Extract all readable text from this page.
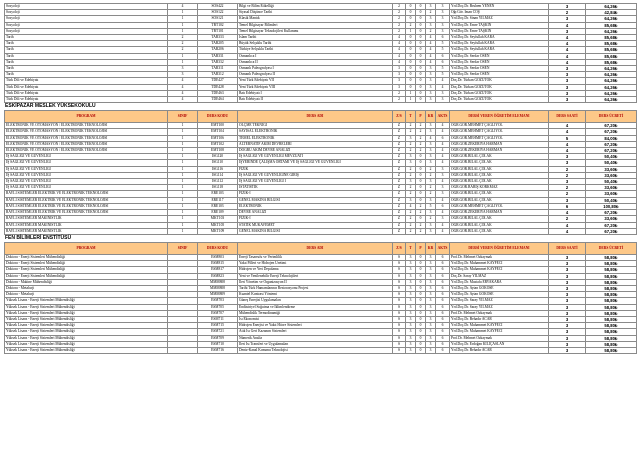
Sosyoloji	4	SOS422	Bilgi ve Bilim Etikelliği	2	0	0	3	3	Yrd.Doç.Dr. Bruhem YENEN	3	64,26₺
Sosyoloji	1	SOS122	Siyasal Düşünce Tarihi	2	0	0	2	3	Öğr.Gör. İman COŞ	2	42,84₺
Sosyoloji	1	SOS121	Klasik Mantık	2	0	0	3	3	Yrd.Doç.Dr. Sinan YILMAZ	3	64,26₺
Sosyoloji	1	TBT102	Temel Bilgisayar Bilimleri	2	2	0	3	3	Yrd.Doç.Dr. Emre TAŞKIN	4	85,68₺
Sosyoloji	1	TBT101	Temel Bilgisayar Teknolojileri Kullanımı	2	1	0	2	3	Yrd.Doç.Dr. Emre TAŞKIN	3	64,26₺
Tarih	2	TAR333	İslam Tarihi	4	0	0	4	6	Yrd.Doç.Dr. Seyfullah KARA	4	85,68₺
Tarih	2	TAR205	Büyük Selçuklu Tarihi	4	0	0	4	5	Yrd.Doç.Dr. Seyfullah KARA	4	85,68₺
Tarih	2	TAR206	Türkiye Selçuklu Tarihi	4	0	0	4	5	Yrd.Doç.Dr. Seyfullah KARA	4	85,68₺
Tarih	1	TAR331	Osmanlıca I	4	0	0	4	6	Yrd.Doç.Dr. Serdar ÖSEN	4	85,68₺
Tarih	1	TAR332	Osmanlıca II	4	0	0	4	6	Yrd.Doç.Dr. Serdar ÖSEN	4	85,68₺
Tarih	3	TAR311	Osmanlı Paleografyası I	3	0	0	3	5	Yrd.Doç.Dr. Serdar ÖSEN	3	64,26₺
Tarih	3	TAR312	Osmanlı Paleografyası II	3	0	0	3	5	Yrd.Doç.Dr. Serdar ÖSEN	3	64,26₺
Türk Dili ve Edebiyatı	4	TDE427	Yeni Türk Edebiyatı VII	3	0	0	3	4	Doç.Dr. Türkan GÖZÜTOK	3	64,26₺
Türk Dili ve Edebiyatı	4	TDE428	Yeni Türk Edebiyatı VIII	3	0	0	3	4	Doç.Dr. Türkan GÖZÜTOK	3	64,26₺
Türk Dili ve Edebiyatı	4	TDE463	Batı Edebiyatı I	2	1	0	3	3	Doç.Dr. Türkan GÖZÜTOK	3	64,26₺
Türk Dili ve Edebiyatı	4	TDE464	Batı Edebiyatı II	2	1	0	3	3	Doç.Dr. Türkan GÖZÜTOK	3	64,26₺
ESKİPAZAR MESLEK YÜKSEKOKULU
PROGRAM	SINIF	DERS KODU	DERS ADI	Z/S	T	P	KR	AKTS	DERSİ VEREN ÖĞRETİM ELEMANI	DERS SAATİ	DERS ÜCRETİ
ELEKTRONİK VE OTOMASYON / ELEKTRONİK TEKNOLOJİSİ	1	EMT100	ÖLÇME TEKNİĞİ	Z	2	2	3	4	ÖĞR.GÖR.MEHMET ÇAĞLIYOL	4	67,20₺
ELEKTRONİK VE OTOMASYON / ELEKTRONİK TEKNOLOJİSİ	1	EMT104	SAYISAL ELEKTRONİK	Z	2	2	3	4	ÖĞR.GÖR.MEHMET ÇAĞLIYOL	4	67,20₺
ELEKTRONİK VE OTOMASYON / ELEKTRONİK TEKNOLOJİSİ	1	EMT106	TEMEL ELEKTRONİK	Z	3	2	4	6	ÖĞR.GÖR.MEHMET ÇAĞLIYOL	5	84,00₺
ELEKTRONİK VE OTOMASYON / ELEKTRONİK TEKNOLOJİSİ	1	EMT102	ALTERNATİF AKIM DEVRELERİ	Z	2	2	3	4	ÖĞR.GÖR.ZEKERİYA HARMAN	4	67,20₺
ELEKTRONİK VE OTOMASYON / ELEKTRONİK TEKNOLOJİSİ	1	EMT108	DOĞRU AKIM DEVRE ANALİZİ	Z	2	2	3	4	ÖĞR.GÖR.ZEKERİYA HARMAN	4	67,20₺
İŞ SAĞLIĞI VE GÜVENLİĞİ	1	İSG120	İŞ SAĞLIĞI VE GÜVENLİĞİ MEVZUATI	Z	3	0	3	4	ÖĞR.GÖR.BİLAL ÇOLAK	3	50,40₺
İŞ SAĞLIĞI VE GÜVENLİĞİ	1	İSG110	İŞYERİNDE ÇALIŞMA ORTAMI VE İŞ SAĞLIĞI VE GÜVENLİĞİ	Z	3	0	3	4	ÖĞR.GÖR.BİLAL ÇOLAK	3	50,40₺
İŞ SAĞLIĞI VE GÜVENLİĞİ	1	İSG116	FİZİK	Z	2	0	2	3	ÖĞR.GÖR.BİLAL ÇOLAK	2	33,60₺
İŞ SAĞLIĞI VE GÜVENLİĞİ	1	İSG114	İŞ SAĞLIĞI VE GÜVENLİĞİNE GİRİŞ	Z	2	0	2	3	ÖĞR.GÖR.BİLAL ÇOLAK	2	33,60₺
İŞ SAĞLIĞI VE GÜVENLİĞİ	1	İSG112	İŞ SAĞLIĞI VE GÜVENLİĞİ I	Z	3	0	3	4	ÖĞR.GÖR.BİLAL ÇOLAK	3	50,40₺
İŞ SAĞLIĞI VE GÜVENLİĞİ	1	İSG118	İSTATİSTİK	Z	2	0	2	3	ÖĞR.GÖR.BARIŞ KORKMAZ	2	33,60₺
RAYLI SİSTEMLER ELEKTRİK VE ELEKTRONİK TEKNOLOJİSİ	1	ERE103	FİZİK-I	Z	2	0	2	3	ÖĞR.GÖR.BİLAL ÇOLAK	2	33,60₺
RAYLI SİSTEMLER ELEKTRİK VE ELEKTRONİK TEKNOLOJİSİ	1	ERE117	GENEL MAKİNA BİLGİSİ	Z	3	0	3	4	ÖĞR.GÖR.BİLAL ÇOLAK	3	50,40₺
RAYLI SİSTEMLER ELEKTRİK VE ELEKTRONİK TEKNOLOJİSİ	1	ERE103	ELEKTRONİK	Z	4	2	5	6	ÖĞR.GÖR.MEHMET ÇAĞLIYOL	6	100,80₺
RAYLI SİSTEMLER ELEKTRİK VE ELEKTRONİK TEKNOLOJİSİ	1	ERE109	DEVRE ANALİZİ	Z	2	2	3	4	ÖĞR.GÖR.ZEKERİYA HARMAN	4	67,20₺
RAYLI SİSTEMLER MAKİNİSTLİK	1	MKT103	FİZİK-I	Z	2	0	2	3	ÖĞR.GÖR.BİLAL ÇOLAK	2	33,60₺
RAYLI SİSTEMLER MAKİNİSTLİK	1	MKT105	STATİK MUKAVEMET	Z	2	2	3	4	ÖĞR.GÖR.BİLAL ÇOLAK	4	67,20₺
RAYLI SİSTEMLER MAKİNİSTLİK	1	MKT109	GENEL MAKİNA BİLGİSİ	Z	2	2	3	4	ÖĞR.GÖR.BİLAL ÇOLAK	4	67,20₺
FEN BİLİMLERİ ENSTİTÜSÜ
PROGRAM	SINIF	DERS KODU	DERS ADI	Z/S	T	P	KR	AKTS	DERSİ VEREN ÖĞRETİM ELEMANI	DERS SAATİ	DERS ÜCRETİ
Doktora - Enerji Sistemleri Mühendisliği		ESM803	Enerji Tasarrufu ve Verimlilik	S	3	0	3	6	Prof.Dr. Mehmet Özkaymak	3	58,80₺
Doktora - Enerji Sistemleri Mühendisliği		ESM815	Yakıt Pilleri ve Hidrojen Üretimi	S	3	0	3	6	Yrd.Doç.Dr. Muhammet KAYFECİ	3	58,80₺
Doktora - Enerji Sistemleri Mühendisliği		ESM817	Hidrojen ve Yeri Depolama	S	3	0	3	6	Yrd.Doç.Dr. Muhammet KAYFECİ	3	58,80₺
Doktora - Enerji Sistemleri Mühendisliği		ESM823	Yeni ve Yenilenebilir Enerji Teknolojileri	S	3	0	3	6	Doç.Dr. Saray YILMAZ	3	58,80₺
Doktora - Makine Mühendisliği		MMM808	İleri Yönetim ve Organizasyon II	S	3	0	3	6	Yrd.Doç.Dr. Mustafa ERVAKARA	3	58,80₺
Doktora - Metalurji		MMM808	Tarihi Türk Hamamlarının Restorasyonu Projesi	S	3	0	3	6	Yrd.Doç.Dr. Aytan GÖKÖSE	3	58,80₺
Doktora - Metalurji		MMM809	Kuantel Kontrast Yöntemi	S	3	0	3	6	Yrd.Doç.Dr. Aytan GÖKÖSE	3	58,80₺
Yüksek Lisans - Enerji Sistemleri Mühendisliği		ESM703	Güneş Enerjisi Uygulamaları	S	3	0	3	6	Yrd.Doç.Dr. Saray YILMAZ	3	58,80₺
Yüksek Lisans - Enerji Sistemleri Mühendisliği		ESM705	Endüstriyel Soğutma ve İklimlendirme	S	3	0	3	6	Yrd.Doç.Dr. Saray YILMAZ	3	58,80₺
Yüksek Lisans - Enerji Sistemleri Mühendisliği		ESM707	Mühendislik Termodinamiği	S	3	0	3	6	Prof.Dr. Mehmet Özkaymak	3	58,80₺
Yüksek Lisans - Enerji Sistemleri Mühendisliği		ESM711	Isı Ekonomisi	S	3	0	3	6	Yrd.Doç.Dr. Behadır ACAR	3	58,80₺
Yüksek Lisans - Enerji Sistemleri Mühendisliği		ESM715	Hidrojen Enerjisi ve Yakıt Hücre Sistemleri	S	3	0	3	6	Yrd.Doç.Dr. Muhammet KAYFECİ	3	58,80₺
Yüksek Lisans - Enerji Sistemleri Mühendisliği		ESM721	Atık Isı Geri Kazanım Sistemleri	S	3	0	3	6	Yrd.Doç.Dr. Muhammet KAYFECİ	3	58,80₺
Yüksek Lisans - Enerji Sistemleri Mühendisliği		ESM709	Nümerik Analiz	S	3	0	3	6	Prof.Dr. Mehmet Özkaymak	3	58,80₺
Yüksek Lisans - Enerji Sistemleri Mühendisliği		ESM710	İleri Isı Transferi ve Uygulamaları	S	3	0	3	6	Yrd.Doç.Dr. Erdoğan KILIÇASLAN	3	58,80₺
Yüksek Lisans - Enerji Sistemleri Mühendisliği		ESM716	Deniz-Kanal Konumu Teknolojisi	S	3	0	3	6	Yrd.Doç.Dr. Behadır ACAR	3	58,80₺
